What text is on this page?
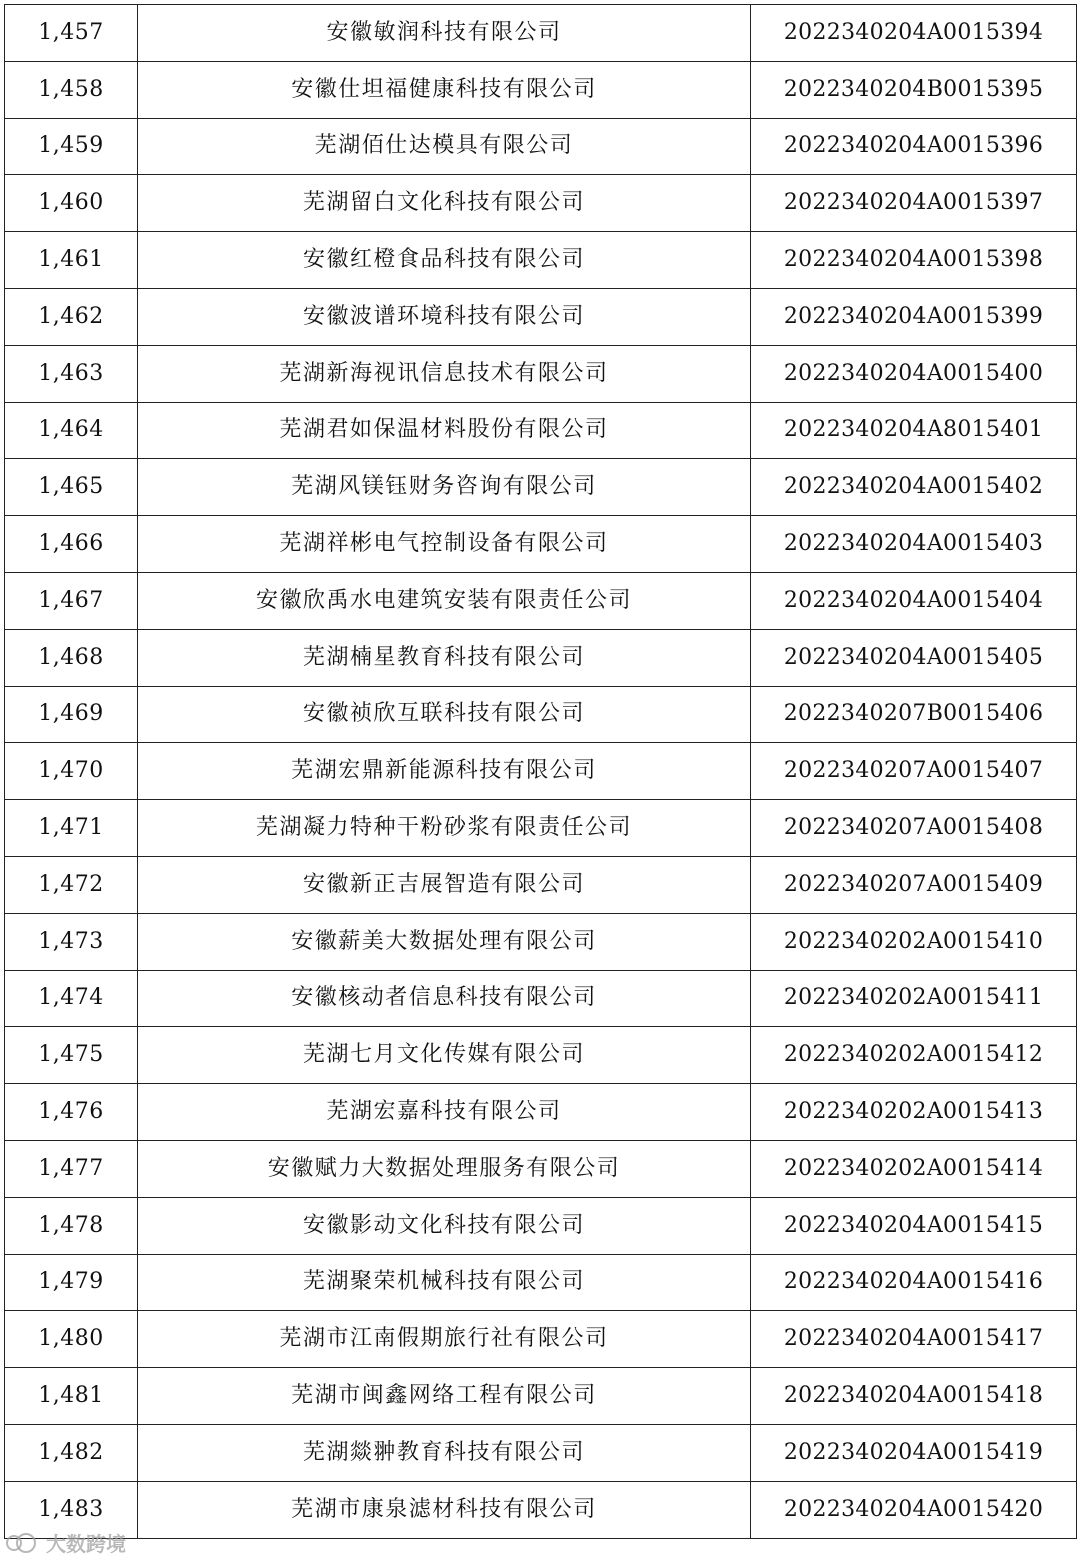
1,457	安徽敏润科技有限公司	2022340204A0015394
1,458	安徽仕坦福健康科技有限公司	2022340204B0015395
1,459	芜湖佰仕达模具有限公司	2022340204A0015396
1,460	芜湖留白文化科技有限公司	2022340204A0015397
1,461	安徽红橙食品科技有限公司	2022340204A0015398
1,462	安徽波谱环境科技有限公司	2022340204A0015399
1,463	芜湖新海视讯信息技术有限公司	2022340204A0015400
1,464	芜湖君如保温材料股份有限公司	2022340204A8015401
1,465	芜湖风镁钰财务咨询有限公司	2022340204A0015402
1,466	芜湖祥彬电气控制设备有限公司	2022340204A0015403
1,467	安徽欣禹水电建筑安装有限责任公司	2022340204A0015404
1,468	芜湖楠星教育科技有限公司	2022340204A0015405
1,469	安徽祯欣互联科技有限公司	2022340207B0015406
1,470	芜湖宏鼎新能源科技有限公司	2022340207A0015407
1,471	芜湖凝力特种干粉砂浆有限责任公司	2022340207A0015408
1,472	安徽新正吉展智造有限公司	2022340207A0015409
1,473	安徽薪美大数据处理有限公司	2022340202A0015410
1,474	安徽核动者信息科技有限公司	2022340202A0015411
1,475	芜湖七月文化传媒有限公司	2022340202A0015412
1,476	芜湖宏嘉科技有限公司	2022340202A0015413
1,477	安徽赋力大数据处理服务有限公司	2022340202A0015414
1,478	安徽影动文化科技有限公司	2022340204A0015415
1,479	芜湖聚荣机械科技有限公司	2022340204A0015416
1,480	芜湖市江南假期旅行社有限公司	2022340204A0015417
1,481	芜湖市闽鑫网络工程有限公司	2022340204A0015418
1,482	芜湖燚翀教育科技有限公司	2022340204A0015419
1,483	芜湖市康泉滤材科技有限公司	2022340204A0015420
大数跨境
